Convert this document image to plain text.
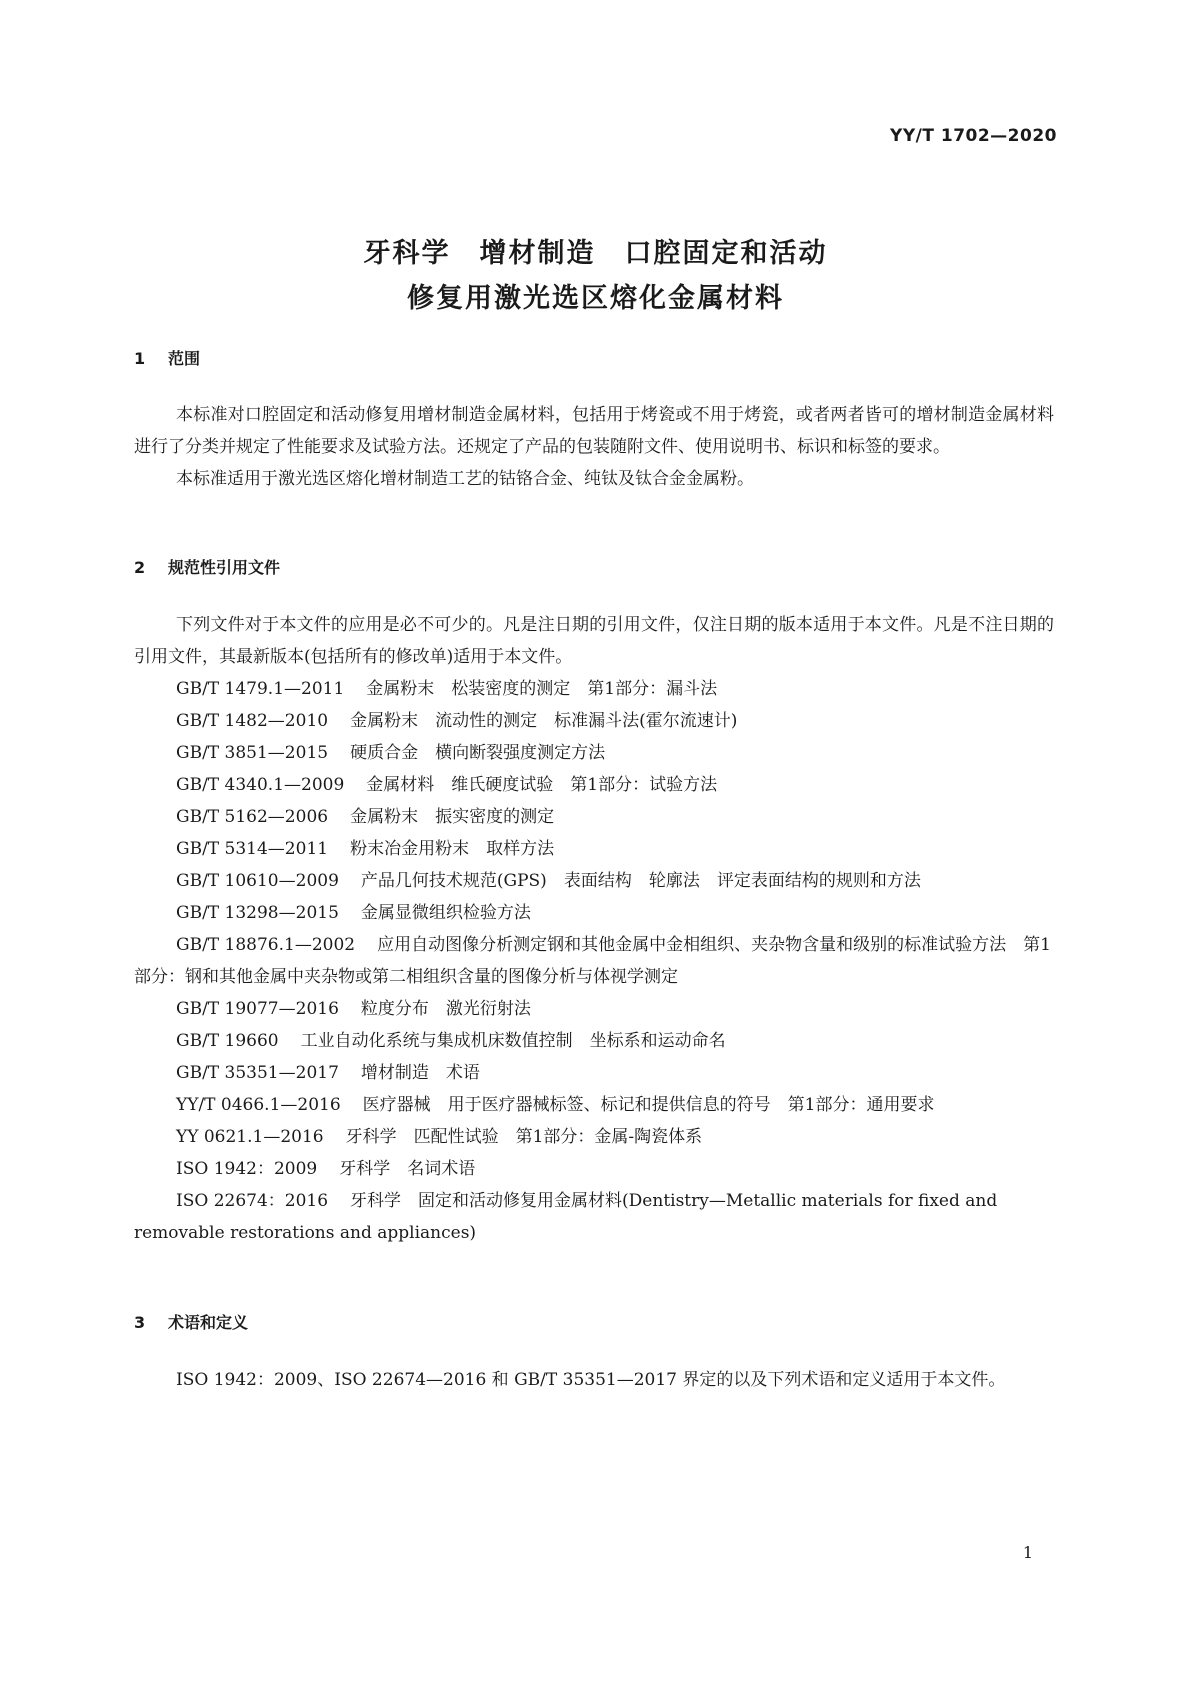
YY/T 1702—2020
牙科学　增材制造　口腔固定和活动
修复用激光选区熔化金属材料
1 范围

本标准对口腔固定和活动修复用增材制造金属材料，包括用于烤瓷或不用于烤瓷，或者两者皆可的增材制造金属材料进行了分类并规定了性能要求及试验方法。还规定了产品的包装随附文件、使用说明书、标识和标签的要求。

本标准适用于激光选区熔化增材制造工艺的钴铬合金、纯钛及钛合金金属粉。

2 规范性引用文件

下列文件对于本文件的应用是必不可少的。凡是注日期的引用文件，仅注日期的版本适用于本文件。凡是不注日期的引用文件，其最新版本(包括所有的修改单)适用于本文件。

GB/T 1479.1—2011 金属粉末　松装密度的测定　第1部分：漏斗法

GB/T 1482—2010 金属粉末　流动性的测定　标准漏斗法(霍尔流速计)

GB/T 3851—2015 硬质合金　横向断裂强度测定方法

GB/T 4340.1—2009 金属材料　维氏硬度试验　第1部分：试验方法

GB/T 5162—2006 金属粉末　振实密度的测定

GB/T 5314—2011 粉末冶金用粉末　取样方法

GB/T 10610—2009 产品几何技术规范(GPS)　表面结构　轮廓法　评定表面结构的规则和方法

GB/T 13298—2015 金属显微组织检验方法

GB/T 18876.1—2002 应用自动图像分析测定钢和其他金属中金相组织、夹杂物含量和级别的标准试验方法　第1部分：钢和其他金属中夹杂物或第二相组织含量的图像分析与体视学测定

GB/T 19077—2016 粒度分布　激光衍射法

GB/T 19660 工业自动化系统与集成机床数值控制　坐标系和运动命名

GB/T 35351—2017 增材制造　术语

YY/T 0466.1—2016 医疗器械　用于医疗器械标签、标记和提供信息的符号　第1部分：通用要求

YY 0621.1—2016 牙科学　匹配性试验　第1部分：金属-陶瓷体系

ISO 1942：2009 牙科学　名词术语

ISO 22674：2016 牙科学　固定和活动修复用金属材料(Dentistry—Metallic materials for fixed and removable restorations and appliances)

3 术语和定义

ISO 1942：2009、ISO 22674—2016 和 GB/T 35351—2017 界定的以及下列术语和定义适用于本文件。

1
